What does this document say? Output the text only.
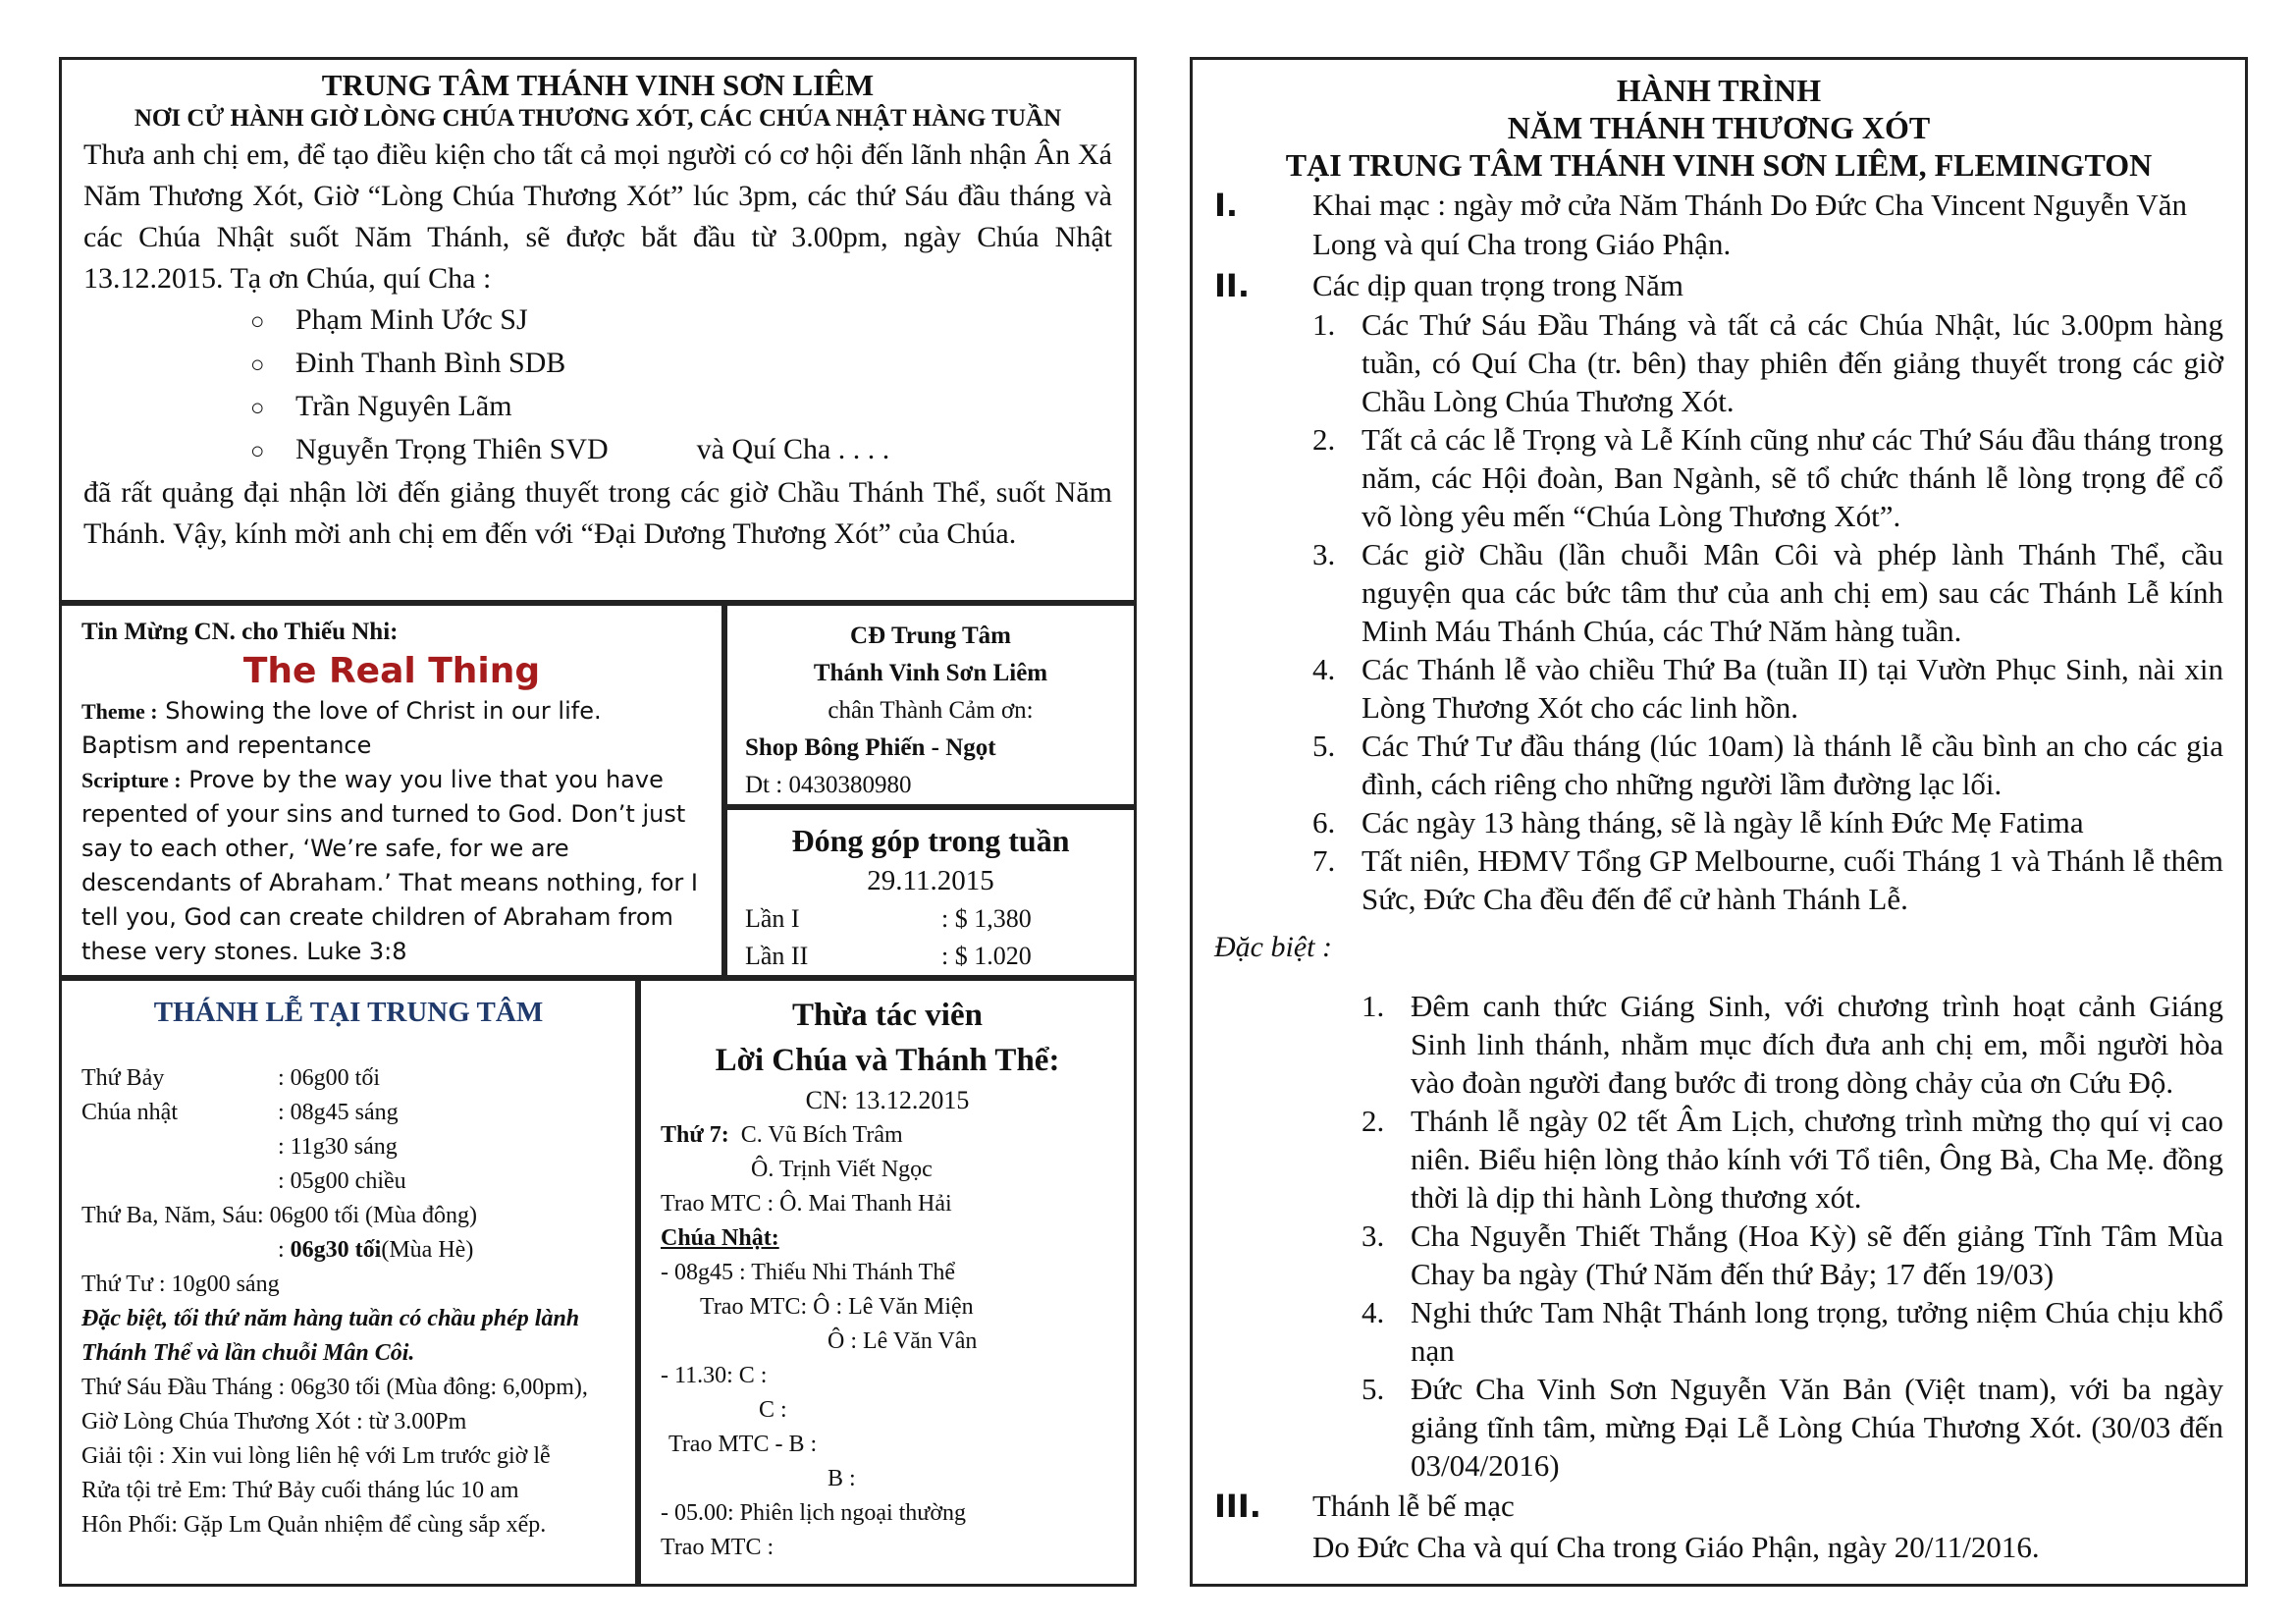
TRUNG TÂM THÁNH VINH SƠN LIÊM

NƠI CỬ HÀNH GIỜ LÒNG CHÚA THƯƠNG XÓT, CÁC CHÚA NHẬT HÀNG TUẦN

Thưa anh chị em, để tạo điều kiện cho tất cả mọi người có cơ hội đến lãnh nhận Ân Xá Năm Thương Xót, Giờ “Lòng Chúa Thương Xót” lúc 3pm, các thứ Sáu đầu tháng và các Chúa Nhật suốt Năm Thánh, sẽ được bắt đầu từ 3.00pm, ngày Chúa Nhật 13.12.2015. Tạ ơn Chúa, quí Cha :

○ Phạm Minh Ước SJ
○ Đinh Thanh Bình SDB
○ Trần Nguyên Lãm
○ Nguyễn Trọng Thiên SVD	và Quí Cha . . . .

đã rất quảng đại nhận lời đến giảng thuyết trong các giờ Chầu Thánh Thể, suốt Năm Thánh. Vậy, kính mời anh chị em đến với “Đại Dương Thương Xót” của Chúa.

Tin Mừng CN. cho Thiếu Nhi:

The Real Thing

Theme : Showing the love of Christ in our life. Baptism and repentance

Scripture : Prove by the way you live that you have repented of your sins and turned to God. Don’t just say to each other, ‘We’re safe, for we are descendants of Abraham.’ That means nothing, for I tell you, God can create children of Abraham from these very stones. Luke 3:8

CĐ Trung Tâm

Thánh Vinh Sơn Liêm

chân Thành Cảm ơn:

Shop Bông Phiến - Ngọt

Dt : 0430380980

Đóng góp trong tuần

29.11.2015

Lần I	: $ 1,380
Lần II	: $ 1.020

THÁNH LỄ TẠI TRUNG TÂM

Thứ Bảy	: 06g00 tối
Chúa nhật	: 08g45 sáng
: 11g30 sáng
: 05g00 chiều

Thứ Ba, Năm, Sáu: 06g00 tối (Mùa đông)

: 06g30 tối(Mùa Hè)

Thứ Tư : 10g00 sáng

Đặc biệt, tối thứ năm hàng tuần có chầu phép lành Thánh Thể và lần chuỗi Mân Côi.

Thứ Sáu Đầu Tháng : 06g30 tối (Mùa đông: 6,00pm), Giờ Lòng Chúa Thương Xót : từ 3.00Pm

Giải tội : Xin vui lòng liên hệ với Lm trước giờ lễ

Rửa tội trẻ Em: Thứ Bảy cuối tháng lúc 10 am

Hôn Phối: Gặp Lm Quản nhiệm để cùng sắp xếp.

Thừa tác viên

Lời Chúa và Thánh Thể:

CN: 13.12.2015

Thứ 7: C. Vũ Bích Trâm

Ô. Trịnh Viết Ngọc

Trao MTC : Ô. Mai Thanh Hải

Chúa Nhật:

- 08g45 : Thiếu Nhi Thánh Thể

Trao MTC: Ô : Lê Văn Miện

Ô : Lê Văn Vân

- 11.30: C :

C :

Trao MTC - B :

B :

- 05.00: Phiên lịch ngoại thường

Trao MTC :

HÀNH TRÌNH

NĂM THÁNH THƯƠNG XÓT

TẠI TRUNG TÂM THÁNH VINH SƠN LIÊM, FLEMINGTON

I.	Khai mạc : ngày mở cửa Năm Thánh Do Đức Cha Vincent Nguyễn Văn Long và quí Cha trong Giáo Phận.
II.	Các dịp quan trọng trong Năm
1. Các Thứ Sáu Đầu Tháng và tất cả các Chúa Nhật, lúc 3.00pm hàng tuần, có Quí Cha (tr. bên) thay phiên đến giảng thuyết trong các giờ Chầu Lòng Chúa Thương Xót.
2. Tất cả các lễ Trọng và Lễ Kính cũng như các Thứ Sáu đầu tháng trong năm, các Hội đoàn, Ban Ngành, sẽ tổ chức thánh lễ lòng trọng để cổ võ lòng yêu mến “Chúa Lòng Thương Xót”.
3. Các giờ Chầu (lần chuỗi Mân Côi và phép lành Thánh Thể, cầu nguyện qua các bức tâm thư của anh chị em) sau các Thánh Lễ kính Minh Máu Thánh Chúa, các Thứ Năm hàng tuần.
4. Các Thánh lễ vào chiều Thứ Ba (tuần II) tại Vườn Phục Sinh, nài xin Lòng Thương Xót cho các linh hồn.
5. Các Thứ Tư đầu tháng (lúc 10am) là thánh lễ cầu bình an cho các gia đình, cách riêng cho những người lầm đường lạc lối.
6. Các ngày 13 hàng tháng, sẽ là ngày lễ kính Đức Mẹ Fatima
7. Tất niên, HĐMV Tổng GP Melbourne, cuối Tháng 1 và Thánh lễ thêm Sức, Đức Cha đều đến để cử hành Thánh Lễ.

Đặc biệt :

1. Đêm canh thức Giáng Sinh, với chương trình hoạt cảnh Giáng Sinh linh thánh, nhằm mục đích đưa anh chị em, mỗi người hòa vào đoàn người đang bước đi trong dòng chảy của ơn Cứu Độ.
2. Thánh lễ ngày 02 tết Âm Lịch, chương trình mừng thọ quí vị cao niên. Biểu hiện lòng thảo kính với Tổ tiên, Ông Bà, Cha Mẹ. đồng thời là dịp thi hành Lòng thương xót.
3. Cha Nguyễn Thiết Thắng (Hoa Kỳ) sẽ đến giảng Tĩnh Tâm Mùa Chay ba ngày (Thứ Năm đến thứ Bảy; 17 đến 19/03)
4. Nghi thức Tam Nhật Thánh long trọng, tưởng niệm Chúa chịu khổ nạn
5. Đức Cha Vinh Sơn Nguyễn Văn Bản (Việt tnam), với ba ngày giảng tĩnh tâm, mừng Đại Lễ Lòng Chúa Thương Xót. (30/03 đến 03/04/2016)
III.	Thánh lễ bế mạc
Do Đức Cha và quí Cha trong Giáo Phận, ngày 20/11/2016.
